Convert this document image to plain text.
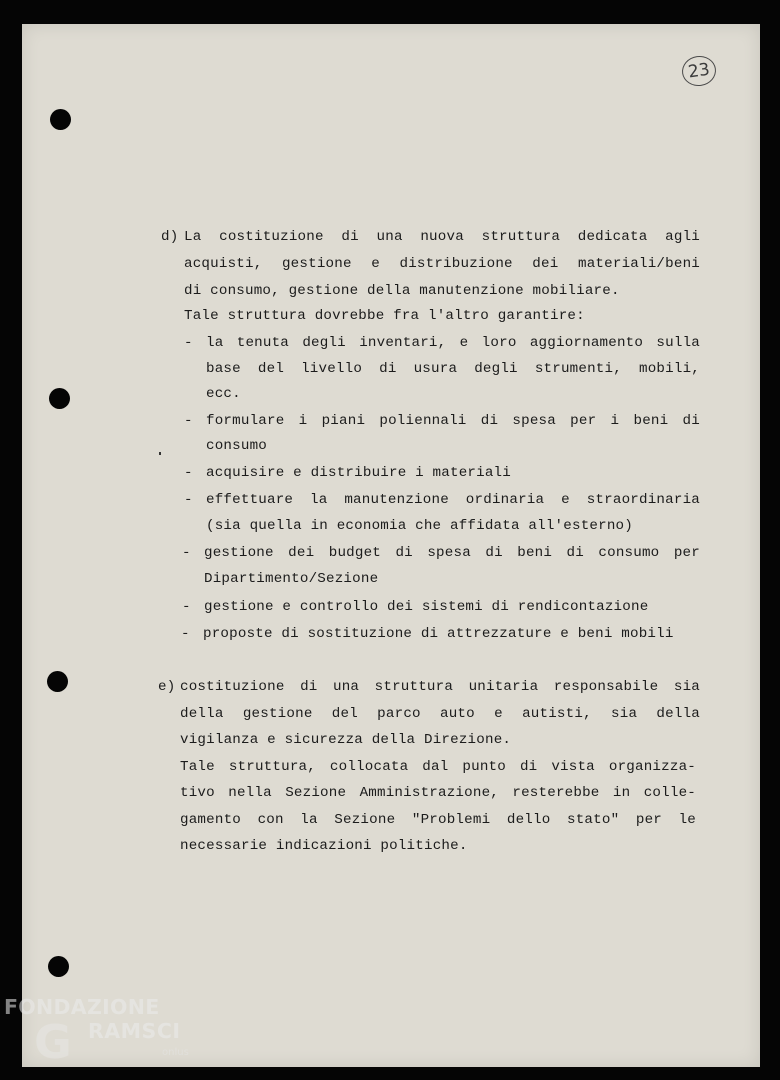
23
d) La costituzione di una nuova struttura dedicata agli
acquisti, gestione e distribuzione dei materiali/beni
di consumo, gestione della manutenzione mobiliare.
Tale struttura dovrebbe fra l'altro garantire:
- la tenuta degli inventari, e loro aggiornamento sulla
base del livello di usura degli strumenti, mobili,
ecc.
- formulare i piani poliennali di spesa per i beni di
consumo
- acquisire e distribuire i materiali
- effettuare la manutenzione ordinaria e straordinaria
(sia quella in economia che affidata all'esterno)
- gestione dei budget di spesa di beni di consumo per
Dipartimento/Sezione
- gestione e controllo dei sistemi di rendicontazione
- proposte di sostituzione di attrezzature e beni mobili
e) costituzione di una struttura unitaria responsabile sia
della gestione del parco auto e autisti, sia della
vigilanza e sicurezza della Direzione.
Tale struttura, collocata dal punto di vista organizza-
tivo nella Sezione Amministrazione, resterebbe in colle-
gamento con la Sezione "Problemi dello stato" per le
necessarie indicazioni politiche.
FONDAZIONE
G RAMSCI
onlus
